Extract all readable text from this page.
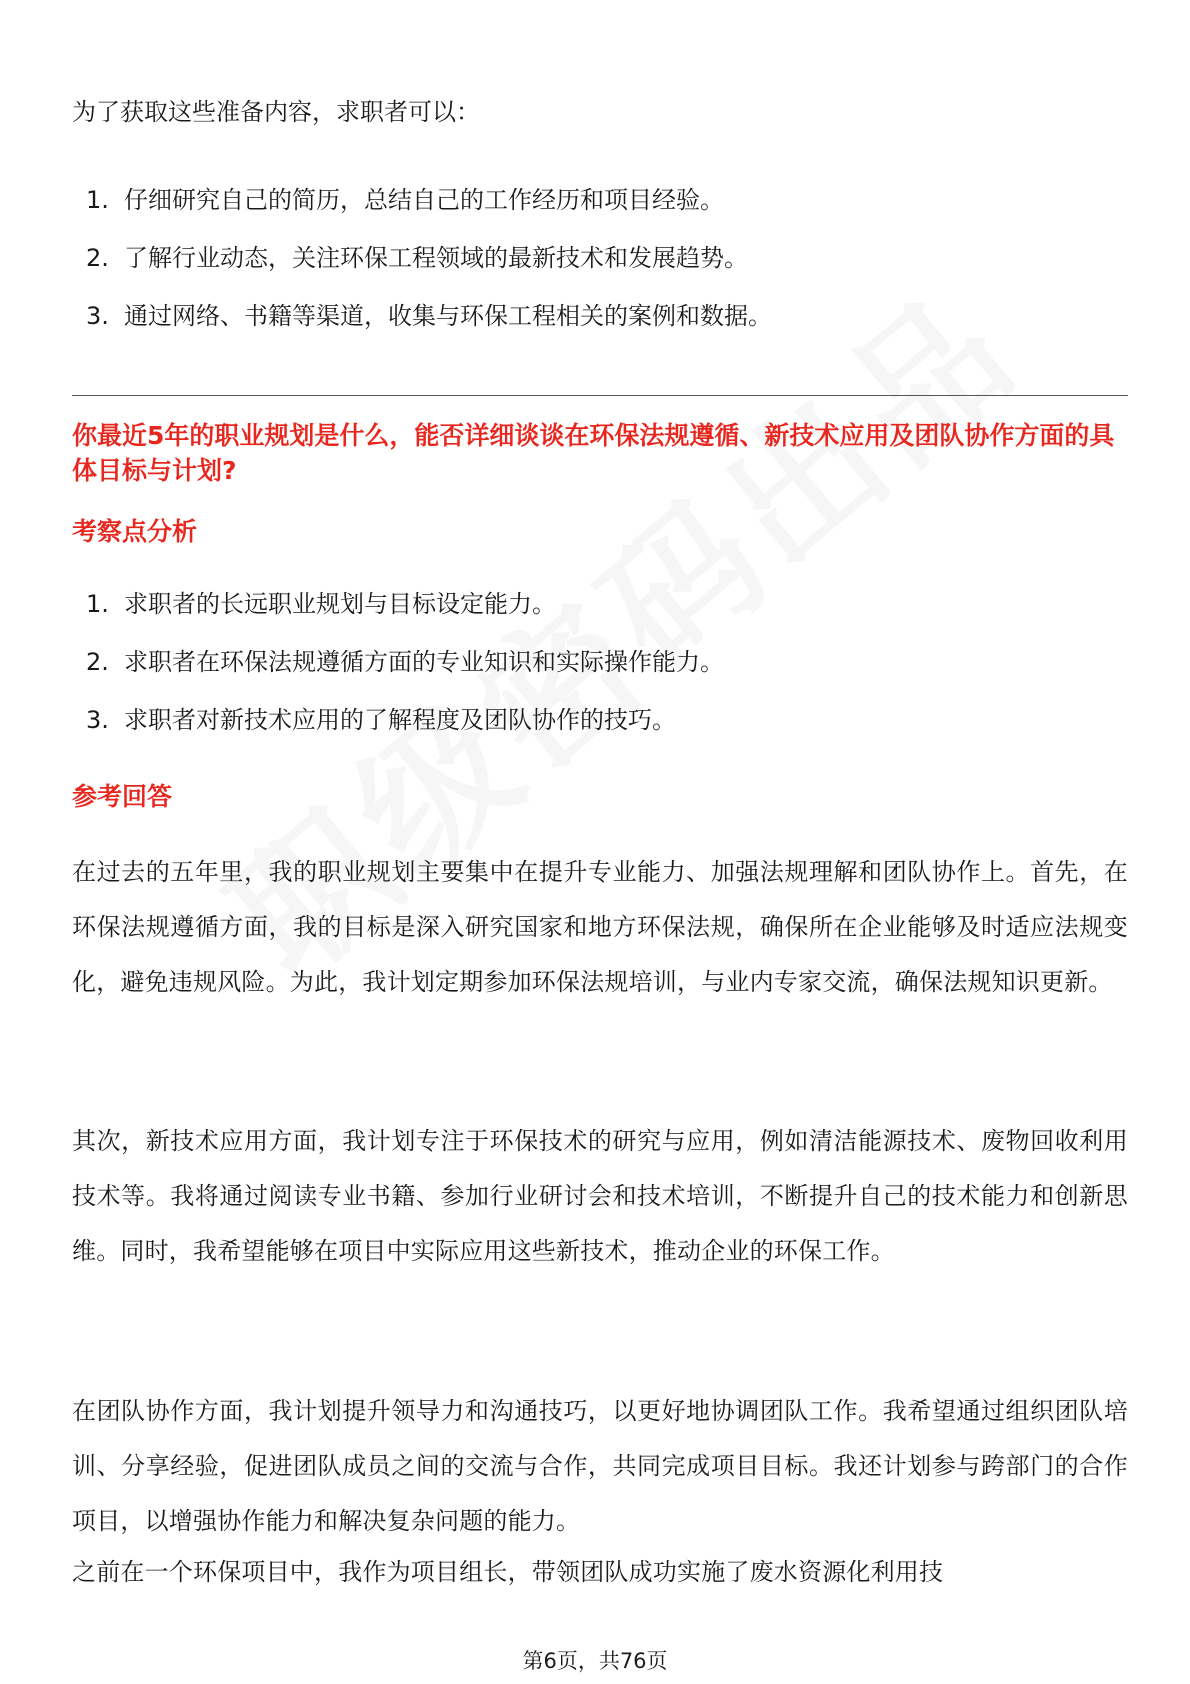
为了获取这些准备内容，求职者可以：

1. 仔细研究自己的简历，总结自己的工作经历和项目经验。
2. 了解行业动态，关注环保工程领域的最新技术和发展趋势。
3. 通过网络、书籍等渠道，收集与环保工程相关的案例和数据。
你最近5年的职业规划是什么，能否详细谈谈在环保法规遵循、新技术应用及团队协作方面的具体目标与计划?
考察点分析
1. 求职者的长远职业规划与目标设定能力。
2. 求职者在环保法规遵循方面的专业知识和实际操作能力。
3. 求职者对新技术应用的了解程度及团队协作的技巧。
参考回答

在过去的五年里，我的职业规划主要集中在提升专业能力、加强法规理解和团队协作上。首先，在环保法规遵循方面，我的目标是深入研究国家和地方环保法规，确保所在企业能够及时适应法规变化，避免违规风险。为此，我计划定期参加环保法规培训，与业内专家交流，确保法规知识更新。

其次，新技术应用方面，我计划专注于环保技术的研究与应用，例如清洁能源技术、废物回收利用技术等。我将通过阅读专业书籍、参加行业研讨会和技术培训，不断提升自己的技术能力和创新思维。同时，我希望能够在项目中实际应用这些新技术，推动企业的环保工作。

在团队协作方面，我计划提升领导力和沟通技巧，以更好地协调团队工作。我希望通过组织团队培训、分享经验，促进团队成员之间的交流与合作，共同完成项目目标。我还计划参与跨部门的合作项目，以增强协作能力和解决复杂问题的能力。

之前在一个环保项目中，我作为项目组长，带领团队成功实施了废水资源化利用技

第6页，共76页
